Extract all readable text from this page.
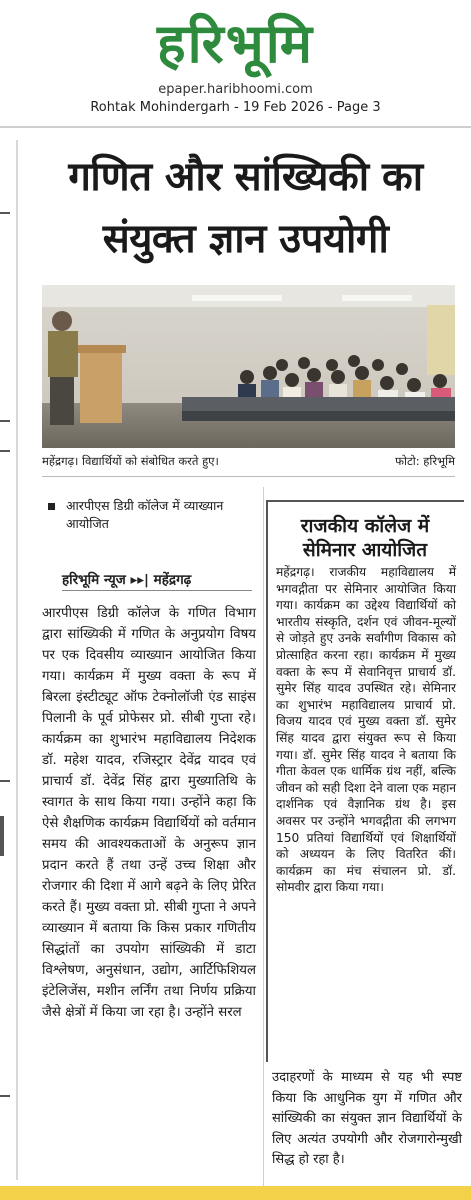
हरिभूमि
epaper.haribhoomi.com
Rohtak Mohindergarh - 19 Feb 2026 - Page 3
गणित और सांख्यिकी का
संयुक्त ज्ञान उपयोगी
महेंद्रगढ़। विद्यार्थियों को संबोधित करते हुए।	फोटो: हरिभूमि
आरपीएस डिग्री कॉलेज में व्याख्यान आयोजित
हरिभूमि न्यूज ▸▸| महेंद्रगढ़

आरपीएस डिग्री कॉलेज के गणित विभाग द्वारा सांख्यिकी में गणित के अनुप्रयोग विषय पर एक दिवसीय व्याख्यान आयोजित किया गया। कार्यक्रम में मुख्य वक्ता के रूप में बिरला इंस्टीट्यूट ऑफ टेक्नोलॉजी एंड साइंस पिलानी के पूर्व प्रोफेसर प्रो. सीबी गुप्ता रहे। कार्यक्रम का शुभारंभ महाविद्यालय निदेशक डॉ. महेश यादव, रजिस्ट्रार देवेंद्र यादव एवं प्राचार्य डॉ. देवेंद्र सिंह द्वारा मुख्यातिथि के स्वागत के साथ किया गया। उन्होंने कहा कि ऐसे शैक्षणिक कार्यक्रम विद्यार्थियों को वर्तमान समय की आवश्यकताओं के अनुरूप ज्ञान प्रदान करते हैं तथा उन्हें उच्च शिक्षा और रोजगार की दिशा में आगे बढ़ने के लिए प्रेरित करते हैं। मुख्य वक्ता प्रो. सीबी गुप्ता ने अपने व्याख्यान में बताया कि किस प्रकार गणितीय सिद्धांतों का उपयोग सांख्यिकी में डाटा विश्लेषण, अनुसंधान, उद्योग, आर्टिफिशियल इंटेलिजेंस, मशीन लर्निंग तथा निर्णय प्रक्रिया जैसे क्षेत्रों में किया जा रहा है। उन्होंने सरल

राजकीय कॉलेज में
सेमिनार आयोजित

महेंद्रगढ़। राजकीय महाविद्यालय में भगवद्गीता पर सेमिनार आयोजित किया गया। कार्यक्रम का उद्देश्य विद्यार्थियों को भारतीय संस्कृति, दर्शन एवं जीवन-मूल्यों से जोड़ते हुए उनके सर्वांगीण विकास को प्रोत्साहित करना रहा। कार्यक्रम में मुख्य वक्ता के रूप में सेवानिवृत्त प्राचार्य डॉ. सुमेर सिंह यादव उपस्थित रहे। सेमिनार का शुभारंभ महाविद्यालय प्राचार्य प्रो. विजय यादव एवं मुख्य वक्ता डॉ. सुमेर सिंह यादव द्वारा संयुक्त रूप से किया गया। डॉ. सुमेर सिंह यादव ने बताया कि गीता केवल एक धार्मिक ग्रंथ नहीं, बल्कि जीवन को सही दिशा देने वाला एक महान दार्शनिक एवं वैज्ञानिक ग्रंथ है। इस अवसर पर उन्होंने भगवद्गीता की लगभग 150 प्रतियां विद्यार्थियों एवं शिक्षार्थियों को अध्ययन के लिए वितरित कीं। कार्यक्रम का मंच संचालन प्रो. डॉ. सोमवीर द्वारा किया गया।

उदाहरणों के माध्यम से यह भी स्पष्ट किया कि आधुनिक युग में गणित और सांख्यिकी का संयुक्त ज्ञान विद्यार्थियों के लिए अत्यंत उपयोगी और रोजगारोन्मुखी सिद्ध हो रहा है।
